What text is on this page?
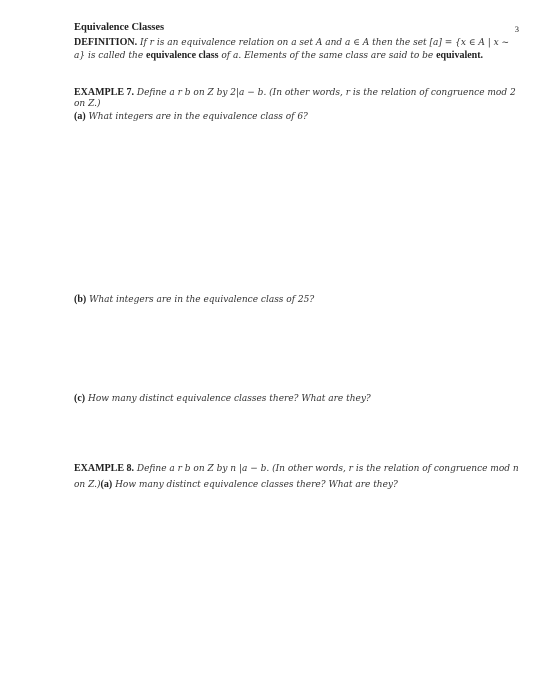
Equivalence Classes	3
DEFINITION. If r is an equivalence relation on a set A and a ∈ A then the set [a] = {x ∈ A | x ~ a} is called the equivalence class of a. Elements of the same class are said to be equivalent.
EXAMPLE 7. Define a r b on Z by 2|a − b. (In other words, r is the relation of congruence mod 2 on Z.)
(a) What integers are in the equivalence class of 6?
(b) What integers are in the equivalence class of 25?
(c) How many distinct equivalence classes there? What are they?
EXAMPLE 8. Define a r b on Z by n |a − b. (In other words, r is the relation of congruence mod n on Z.)(a) How many distinct equivalence classes there? What are they?
